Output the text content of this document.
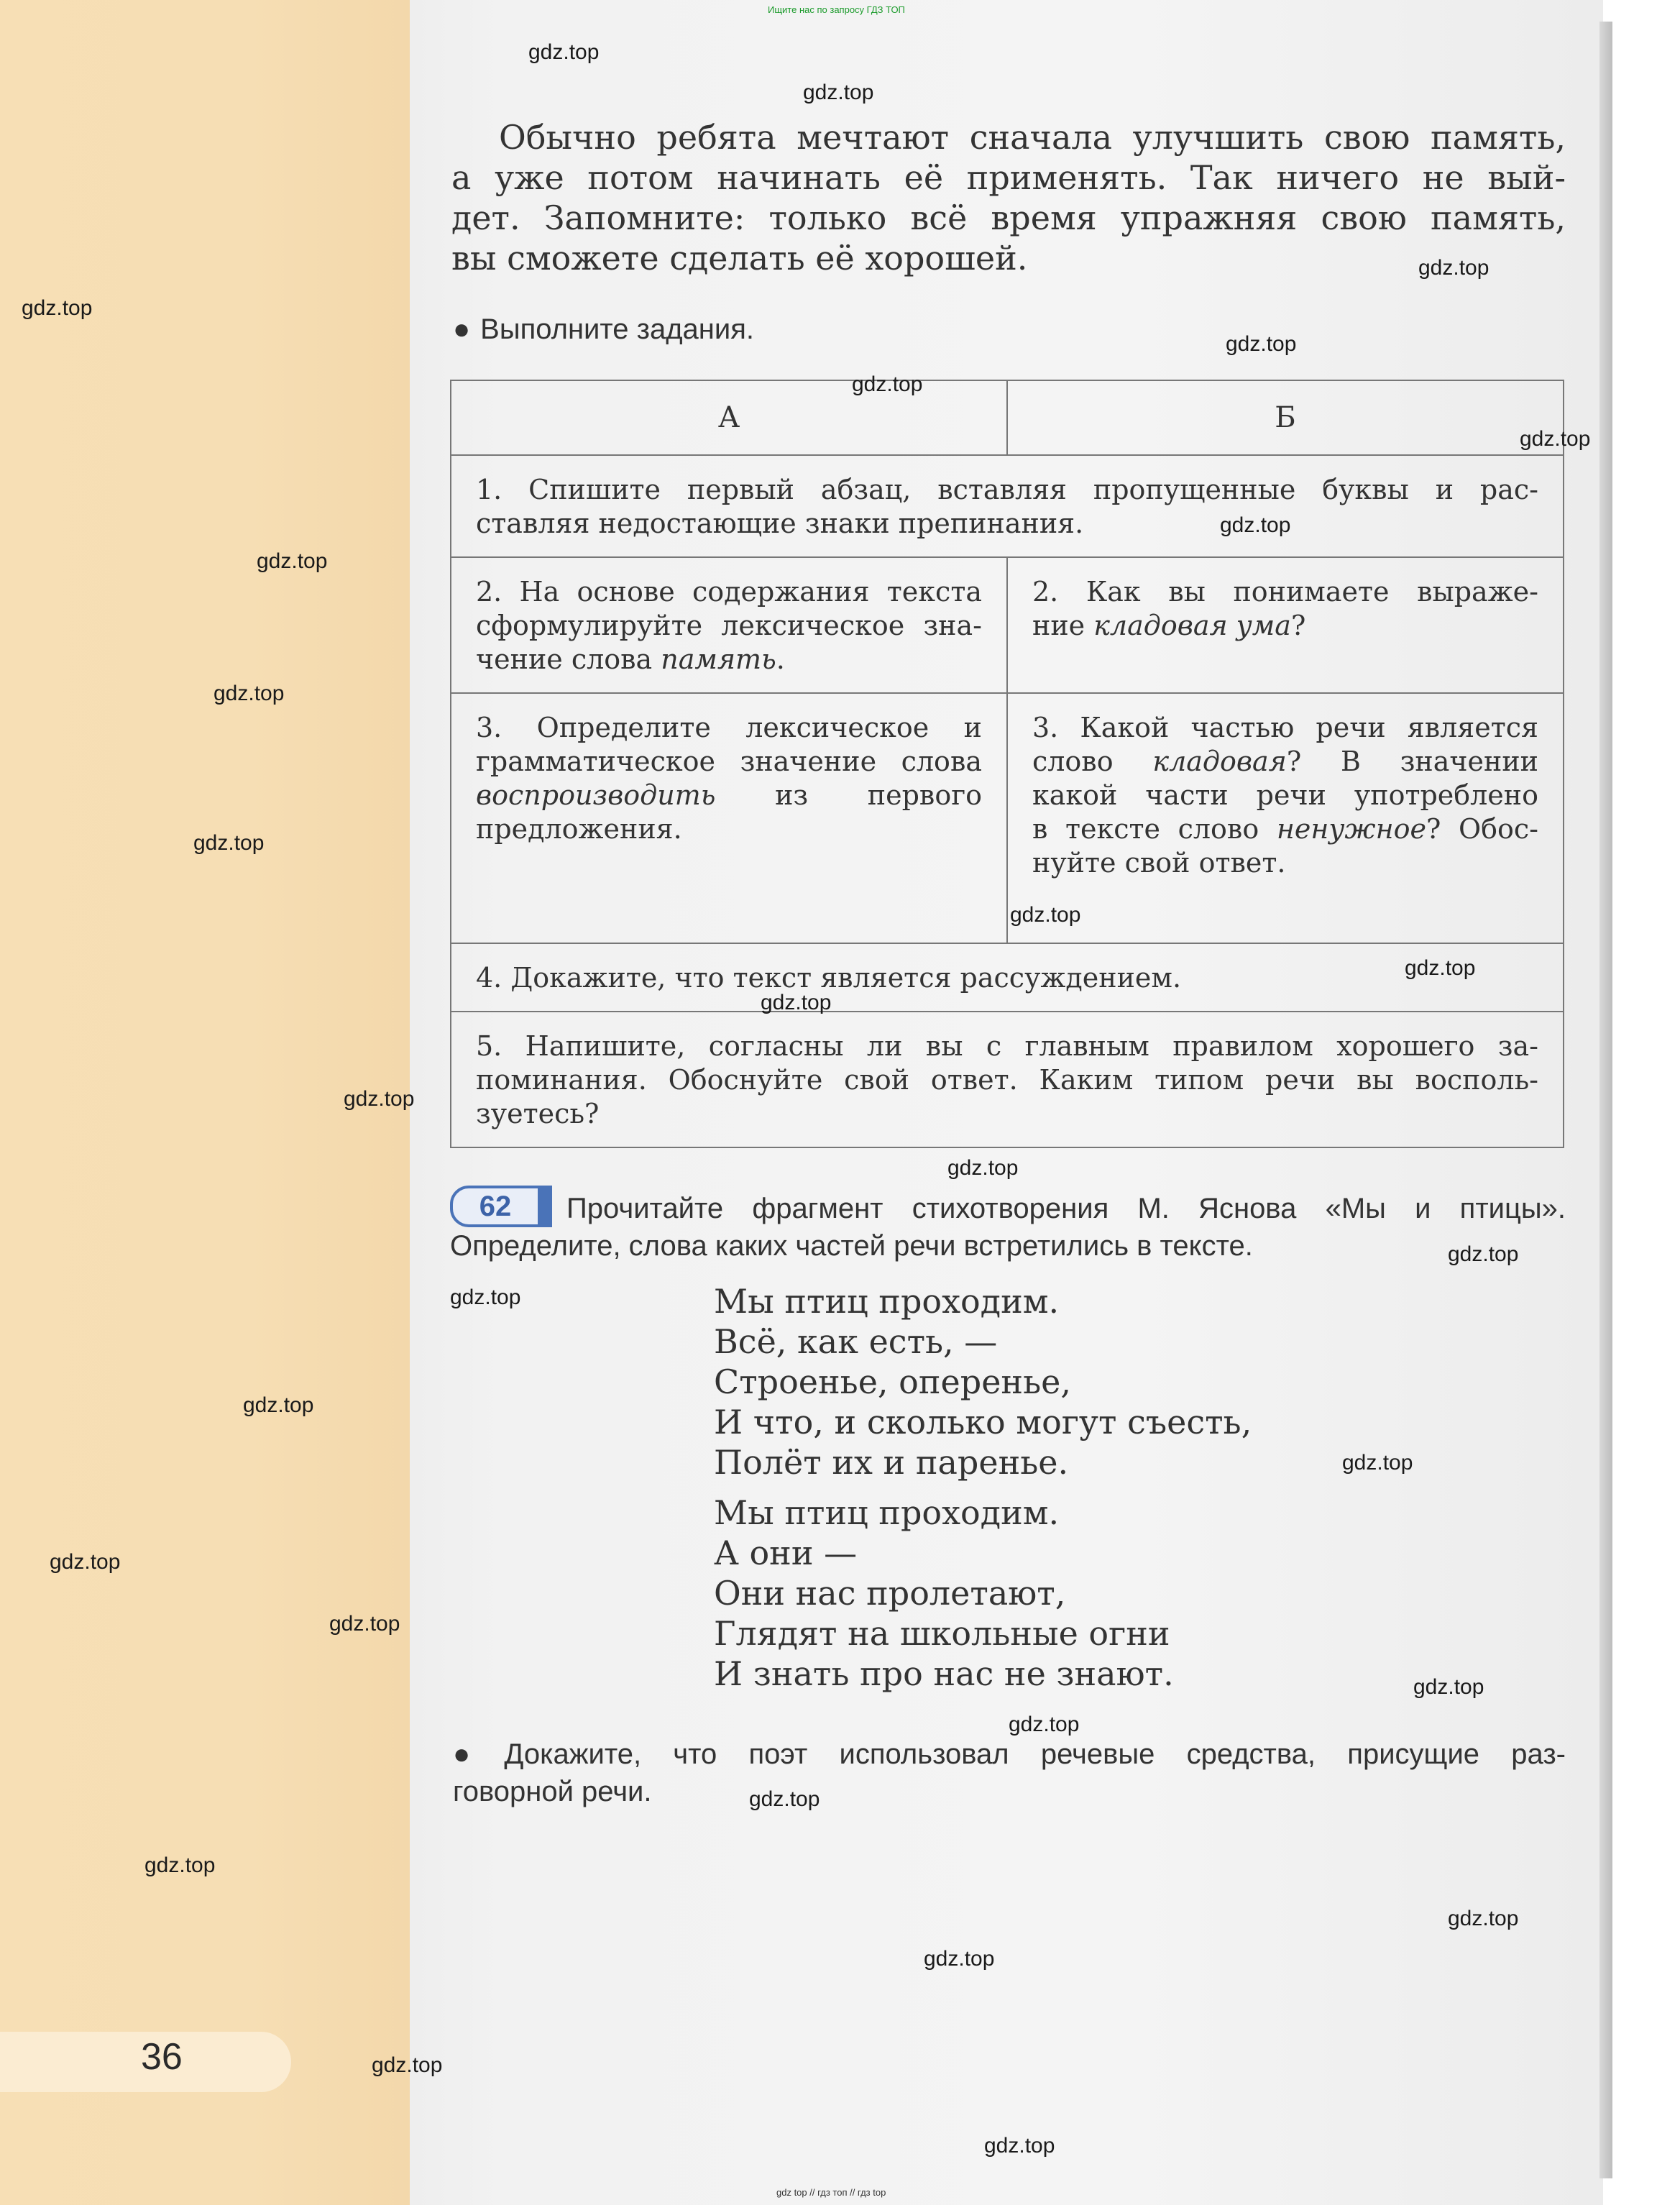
Ищите нас по запросу ГДЗ ТОП
Обычно ребята мечтают сначала улучшить свою память,
а уже потом начинать её применять. Так ничего не вый-
дет. Запомните: только всё время упражняя свою память,
вы сможете сделать её хорошей.
● Выполните задания.
А	Б

1. Спишите первый абзац, вставляя пропущенные буквы и рас-
ставляя недостающие знаки препинания.	

2. На основе содержания текста
сформулируйте лексическое зна-
чение слова память.	2. Как вы понимаете выраже-
ние кладовая ума?

3. Определите лексическое и
грамматическое значение слова
воспроизводить из первого
предложения.	3. Какой частью речи является
слово кладовая? В значении
какой части речи употреблено
в тексте слово ненужное? Обос-
нуйте свой ответ.

4. Докажите, что текст является рассуждением.	

5. Напишите, согласны ли вы с главным правилом хорошего за-
поминания. Обоснуйте свой ответ. Каким типом речи вы восполь-
зуетесь?	
Прочитайте фрагмент стихотворения М. Яснова «Мы и птицы».
Определите, слова каких частей речи встретились в тексте.
62
Мы птиц проходим.
Всё, как есть, —
Строенье, оперенье,
И что, и сколько могут съесть,
Полёт их и паренье.
Мы птиц проходим.
А они —
Они нас пролетают,
Глядят на школьные огни
И знать про нас не знают.
● Докажите, что поэт использовал речевые средства, присущие раз-
говорной речи.
36
gdz top // гдз топ // гдз top
gdz.top
gdz.top
gdz.top
gdz.top
gdz.top
gdz.top
gdz.top
gdz.top
gdz.top
gdz.top
gdz.top
gdz.top
gdz.top
gdz.top
gdz.top
gdz.top
gdz.top
gdz.top
gdz.top
gdz.top
gdz.top
gdz.top
gdz.top
gdz.top
gdz.top
gdz.top
gdz.top
gdz.top
gdz.top
gdz.top
